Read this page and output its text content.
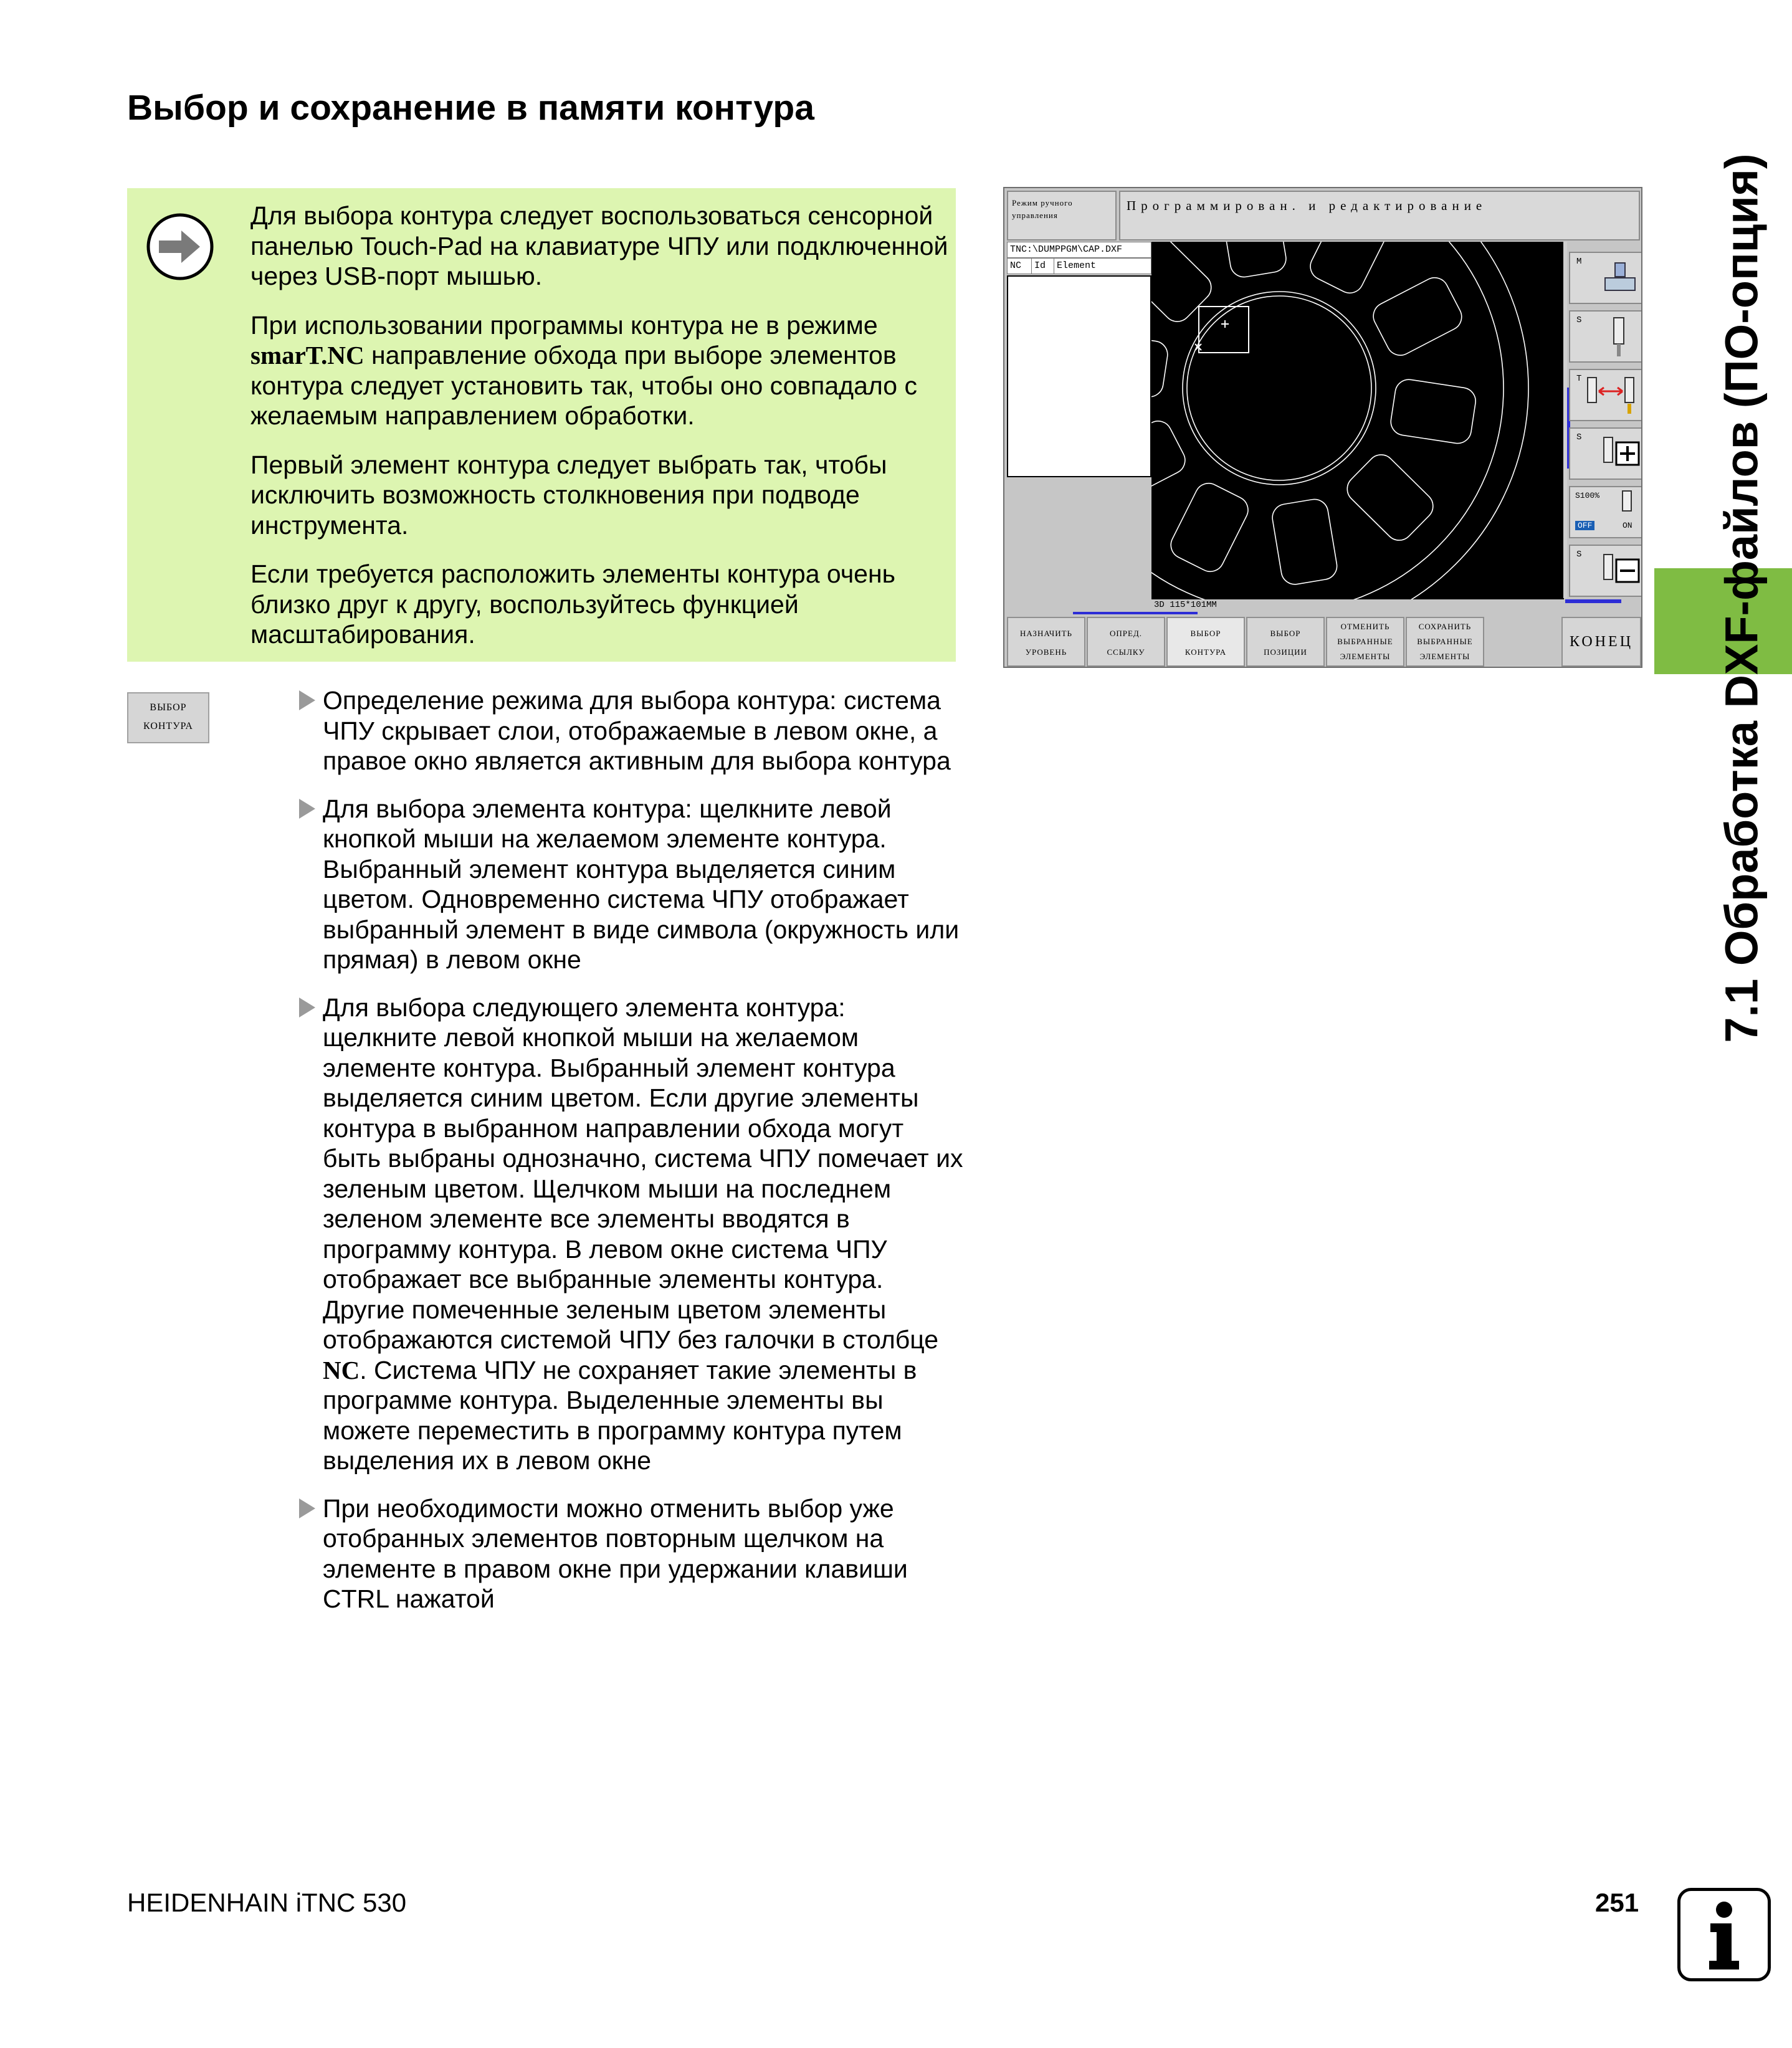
Выбор и сохранение в памяти контура

Для выбора контура следует воспользоваться сенсорной панелью Touch-Pad на клавиатуре ЧПУ или подключенной через USB-порт мышью.

При использовании программы контура не в режиме smarT.NC направление обхода при выборе элементов контура следует установить так, чтобы оно совпадало с желаемым направлением обработки.

Первый элемент контура следует выбрать так, чтобы исключить возможность столкновения при подводе инструмента.

Если требуется расположить элементы контура очень близко друг к другу, воспользуйтесь функцией масштабирования.

ВЫБОР
КОНТУРА
Определение режима для выбора контура: система ЧПУ скрывает слои, отображаемые в левом окне, а правое окно является активным для выбора контура
Для выбора элемента контура: щелкните левой кнопкой мыши на желаемом элементе контура. Выбранный элемент контура выделяется синим цветом. Одновременно система ЧПУ отображает выбранный элемент в виде символа (окружность или прямая) в левом окне
Для выбора следующего элемента контура: щелкните левой кнопкой мыши на желаемом элементе контура. Выбранный элемент контура выделяется синим цветом. Если другие элементы контура в выбранном направлении обхода могут быть выбраны однозначно, система ЧПУ помечает их зеленым цветом. Щелчком мыши на последнем зеленом элементе все элементы вводятся в программу контура. В левом окне система ЧПУ отображает все выбранные элементы контура. Другие помеченные зеленым цветом элементы отображаются системой ЧПУ без галочки в столбце NC. Система ЧПУ не сохраняет такие элементы в программе контура. Выделенные элементы вы можете переместить в программу контура путем выделения их в левом окне
При необходимости можно отменить выбор уже отобранных элементов повторным щелчком на элементе в правом окне при удержании клавиши CTRL нажатой
7.1 Обработка DXF-файлов (ПО-опция)
HEIDENHAIN iTNC 530	251
Режим ручного
управления
Программирован. и редактирование
TNC:\DUMPPGM\CAP.DXF
NC	Id	Element
3D 115*101MM
M
S
T
S
S100%
OFF	ON
S
НАЗНАЧИТЬ
УРОВЕНЬ
ОПРЕД.
ССЫЛКУ
ВЫБОР
КОНТУРА
ВЫБОР
ПОЗИЦИИ
ОТМЕНИТЬ
ВЫБРАННЫЕ
ЭЛЕМЕНТЫ
СОХРАНИТЬ
ВЫБРАННЫЕ
ЭЛЕМЕНТЫ
КОНЕЦ
